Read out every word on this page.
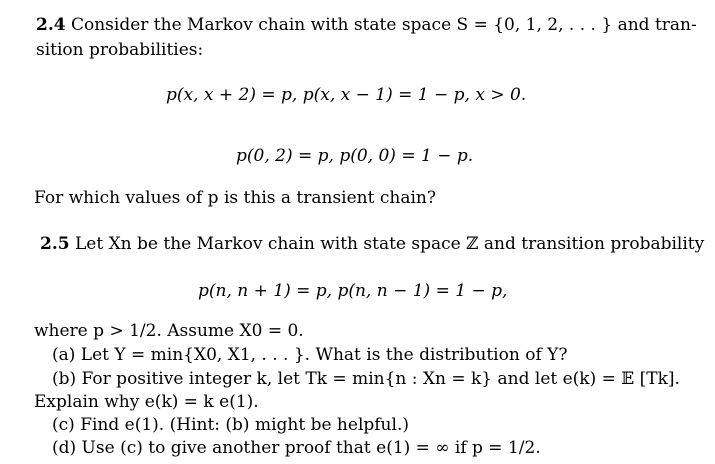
2.4 Consider the Markov chain with state space S = {0, 1, 2, . . . } and tran-
sition probabilities:
p(x, x + 2) = p, p(x, x − 1) = 1 − p, x > 0.
p(0, 2) = p, p(0, 0) = 1 − p.
For which values of p is this a transient chain?
2.5 Let Xn be the Markov chain with state space ℤ and transition probability
p(n, n + 1) = p, p(n, n − 1) = 1 − p,
where p > 1/2. Assume X0 = 0.
(a) Let Y = min{X0, X1, . . . }. What is the distribution of Y?
(b) For positive integer k, let Tk = min{n : Xn = k} and let e(k) = 𝔼 [Tk].
Explain why e(k) = k e(1).
(c) Find e(1). (Hint: (b) might be helpful.)
(d) Use (c) to give another proof that e(1) = ∞ if p = 1/2.
